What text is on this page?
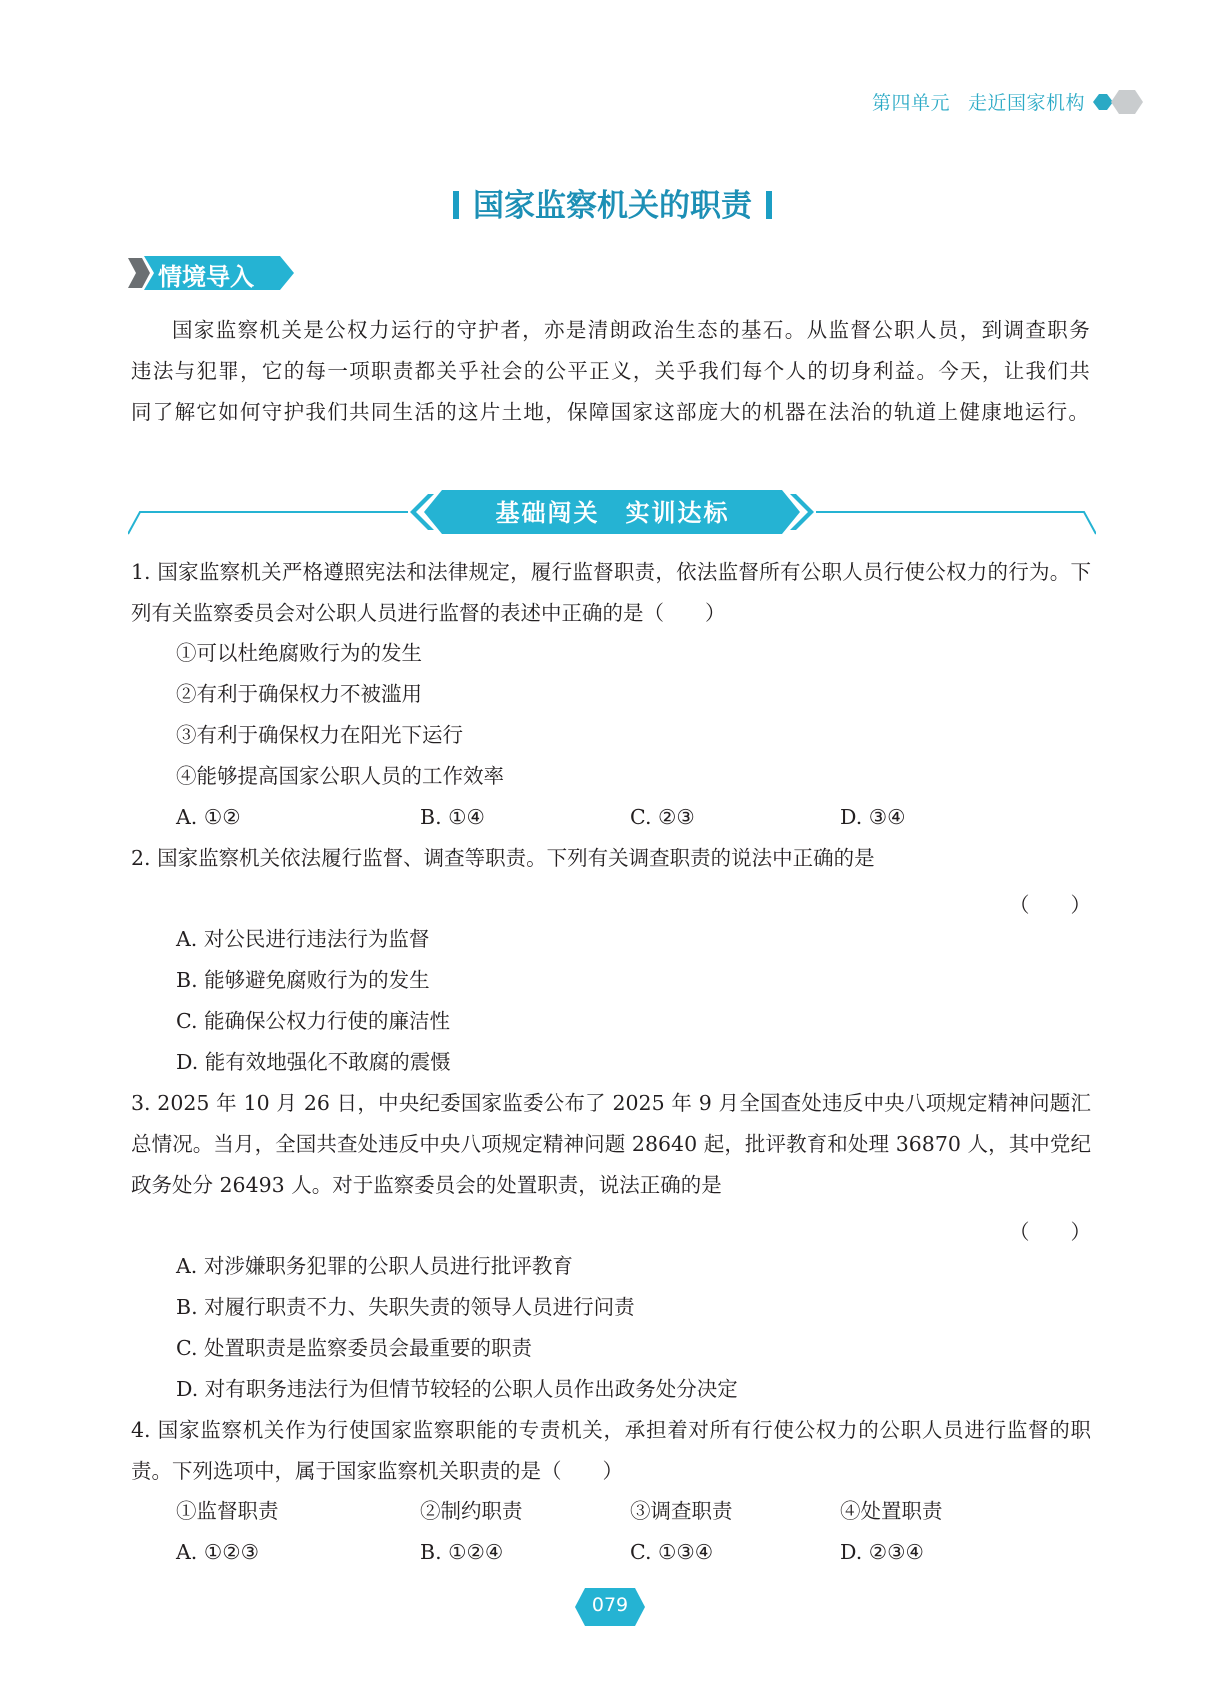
第四单元 走近国家机构
国家监察机关的职责
情境导入
国家监察机关是公权力运行的守护者，亦是清朗政治生态的基石。从监督公职人员，到调查职务违法与犯罪，它的每一项职责都关乎社会的公平正义，关乎我们每个人的切身利益。今天，让我们共同了解它如何守护我们共同生活的这片土地，保障国家这部庞大的机器在法治的轨道上健康地运行。
基础闯关　实训达标
1. 国家监察机关严格遵照宪法和法律规定，履行监督职责，依法监督所有公职人员行使公权力的行为。下列有关监察委员会对公职人员进行监督的表述中正确的是（　　）
①可以杜绝腐败行为的发生
②有利于确保权力不被滥用
③有利于确保权力在阳光下运行
④能够提高国家公职人员的工作效率
A. ①②	B. ①④	C. ②③	D. ③④
2. 国家监察机关依法履行监督、调查等职责。下列有关调查职责的说法中正确的是
（　　）
A. 对公民进行违法行为监督
B. 能够避免腐败行为的发生
C. 能确保公权力行使的廉洁性
D. 能有效地强化不敢腐的震慑
3. 2025 年 10 月 26 日，中央纪委国家监委公布了 2025 年 9 月全国查处违反中央八项规定精神问题汇总情况。当月，全国共查处违反中央八项规定精神问题 28640 起，批评教育和处理 36870 人，其中党纪政务处分 26493 人。对于监察委员会的处置职责，说法正确的是
（　　）
A. 对涉嫌职务犯罪的公职人员进行批评教育
B. 对履行职责不力、失职失责的领导人员进行问责
C. 处置职责是监察委员会最重要的职责
D. 对有职务违法行为但情节较轻的公职人员作出政务处分决定
4. 国家监察机关作为行使国家监察职能的专责机关，承担着对所有行使公权力的公职人员进行监督的职责。下列选项中，属于国家监察机关职责的是（　　）
①监督职责	②制约职责	③调查职责	④处置职责
A. ①②③	B. ①②④	C. ①③④	D. ②③④
079
